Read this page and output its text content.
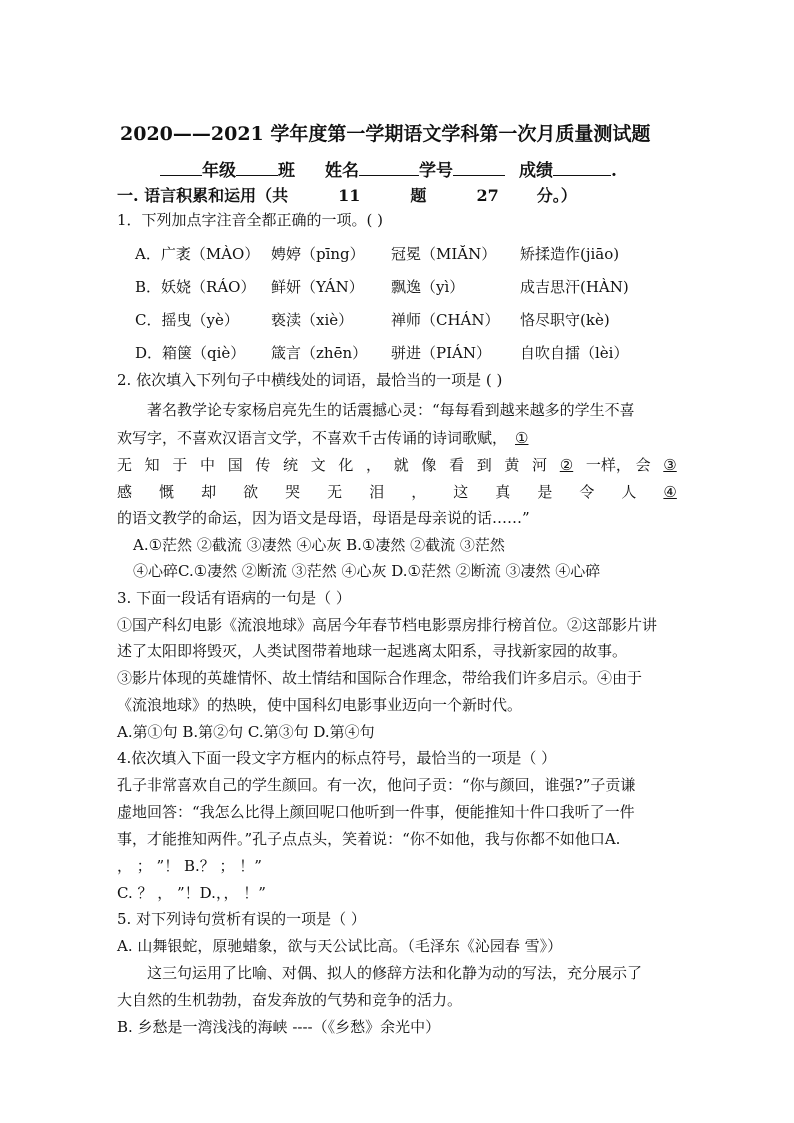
2020——2021 学年度第一学期语文学科第一次月质量测试题
年级 班 姓名	学号	成绩	.
一. 语言积累和运用（共	11	题	27 分。）
1．下列加点字注音全都正确的一项。( )
A．广袤（MÀO） 娉婷（pīng） 冠冕（MIĂN） 矫揉造作(jiāo)
B．妖娆（RÁO） 鲜妍（YÁN） 飘逸（yì）	成吉思汗(HÀN)
C．摇曳（yè） 亵渎（xiè）	禅师（CHÁN） 恪尽职守(kè)
D．箱箧（qiè） 箴言（zhēn） 骈进（PIÁN） 自吹自擂（lèi）
2. 依次填入下列句子中横线处的词语，最恰当的一项是 ( )
著名教学论专家杨启亮先生的话震撼心灵：“每每看到越来越多的学生不喜
欢写字，不喜欢汉语言文学，不喜欢千古传诵的诗词歌赋， ①
无 知 于 中 国 传 统 文 化 ， 就 像 看 到 黄 河 ② 一样， 会 ③
感 慨 却 欲 哭 无 泪 ， 这 真 是 令 人 ④
的语文教学的命运，因为语文是母语，母语是母亲说的话……”
A.①茫然 ②截流 ③凄然 ④心灰 B.①凄然 ②截流 ③茫然
④心碎C.①凄然 ②断流 ③茫然 ④心灰 D.①茫然 ②断流 ③凄然 ④心碎
3. 下面一段话有语病的一句是（ ）
①国产科幻电影《流浪地球》高居今年春节档电影票房排行榜首位。②这部影片讲
述了太阳即将毁灭，人类试图带着地球一起逃离太阳系，寻找新家园的故事。
③影片体现的英雄情怀、故土情结和国际合作理念，带给我们许多启示。④由于
《流浪地球》的热映，使中国科幻电影事业迈向一个新时代。
A.第①句 B.第②句 C.第③句 D.第④句
4.依次填入下面一段文字方框内的标点符号，最恰当的一项是（ ）
孔子非常喜欢自己的学生颜回。有一次，他问子贡：“你与颜回，谁强?”子贡谦
虚地回答：“我怎么比得上颜回呢口他听到一件事，便能推知十件口我听了一件
事，才能推知两件。”孔子点点头，笑着说：“你不如他，我与你都不如他口A.
， ； ”！ B.？ ； ！”
C. ？ ， ”！D.，， ！”
5. 对下列诗句赏析有误的一项是（ ）
A. 山舞银蛇，原驰蜡象，欲与天公试比高。（毛泽东《沁园春 雪》）
这三句运用了比喻、对偶、拟人的修辞方法和化静为动的写法，充分展示了
大自然的生机勃勃，奋发奔放的气势和竞争的活力。
B. 乡愁是一湾浅浅的海峡 ----（《乡愁》余光中）
